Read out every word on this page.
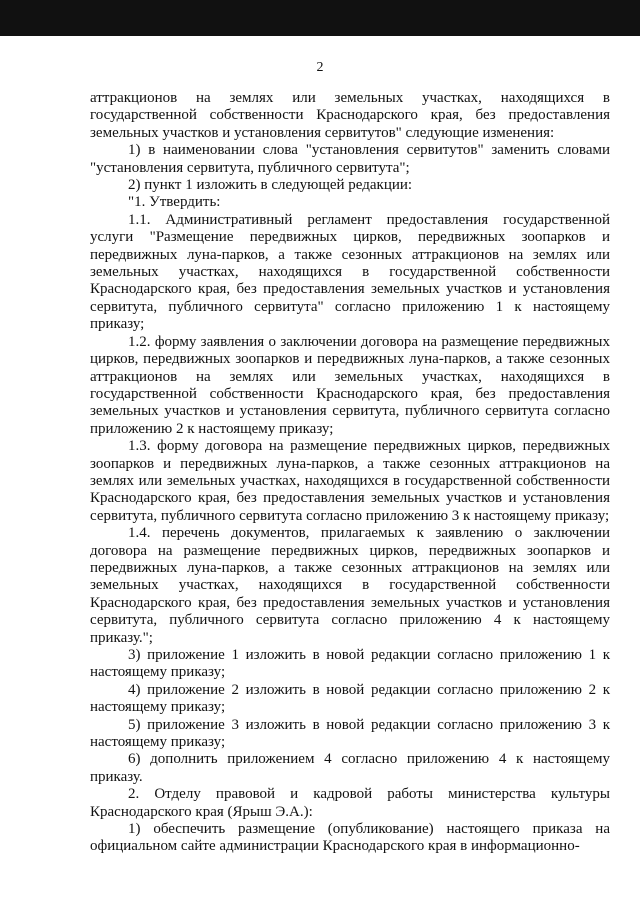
2

аттракционов на землях или земельных участках, находящихся в государственной собственности Краснодарского края, без предоставления земельных участков и установления сервитутов" следующие изменения:

1) в наименовании слова "установления сервитутов" заменить словами "установления сервитута, публичного сервитута";

2) пункт 1 изложить в следующей редакции:

"1. Утвердить:

1.1. Административный регламент предоставления государственной услуги "Размещение передвижных цирков, передвижных зоопарков и передвижных луна-парков, а также сезонных аттракционов на землях или земельных участках, находящихся в государственной собственности Краснодарского края, без предоставления земельных участков и установления сервитута, публичного сервитута" согласно приложению 1 к настоящему приказу;

1.2. форму заявления о заключении договора на размещение передвижных цирков, передвижных зоопарков и передвижных луна-парков, а также сезонных аттракционов на землях или земельных участках, находящихся в государственной собственности Краснодарского края, без предоставления земельных участков и установления сервитута, публичного сервитута согласно приложению 2 к настоящему приказу;

1.3. форму договора на размещение передвижных цирков, передвижных зоопарков и передвижных луна-парков, а также сезонных аттракционов на землях или земельных участках, находящихся в государственной собственности Краснодарского края, без предоставления земельных участков и установления сервитута, публичного сервитута согласно приложению 3 к настоящему приказу;

1.4. перечень документов, прилагаемых к заявлению о заключении договора на размещение передвижных цирков, передвижных зоопарков и передвижных луна-парков, а также сезонных аттракционов на землях или земельных участках, находящихся в государственной собственности Краснодарского края, без предоставления земельных участков и установления сервитута, публичного сервитута согласно приложению 4 к настоящему приказу.";

3) приложение 1 изложить в новой редакции согласно приложению 1 к настоящему приказу;

4) приложение 2 изложить в новой редакции согласно приложению 2 к настоящему приказу;

5) приложение 3 изложить в новой редакции согласно приложению 3 к настоящему приказу;

6) дополнить приложением 4 согласно приложению 4 к настоящему приказу.

2. Отделу правовой и кадровой работы министерства культуры Краснодарского края (Ярыш Э.А.):

1) обеспечить размещение (опубликование) настоящего приказа на официальном сайте администрации Краснодарского края в информационно-
